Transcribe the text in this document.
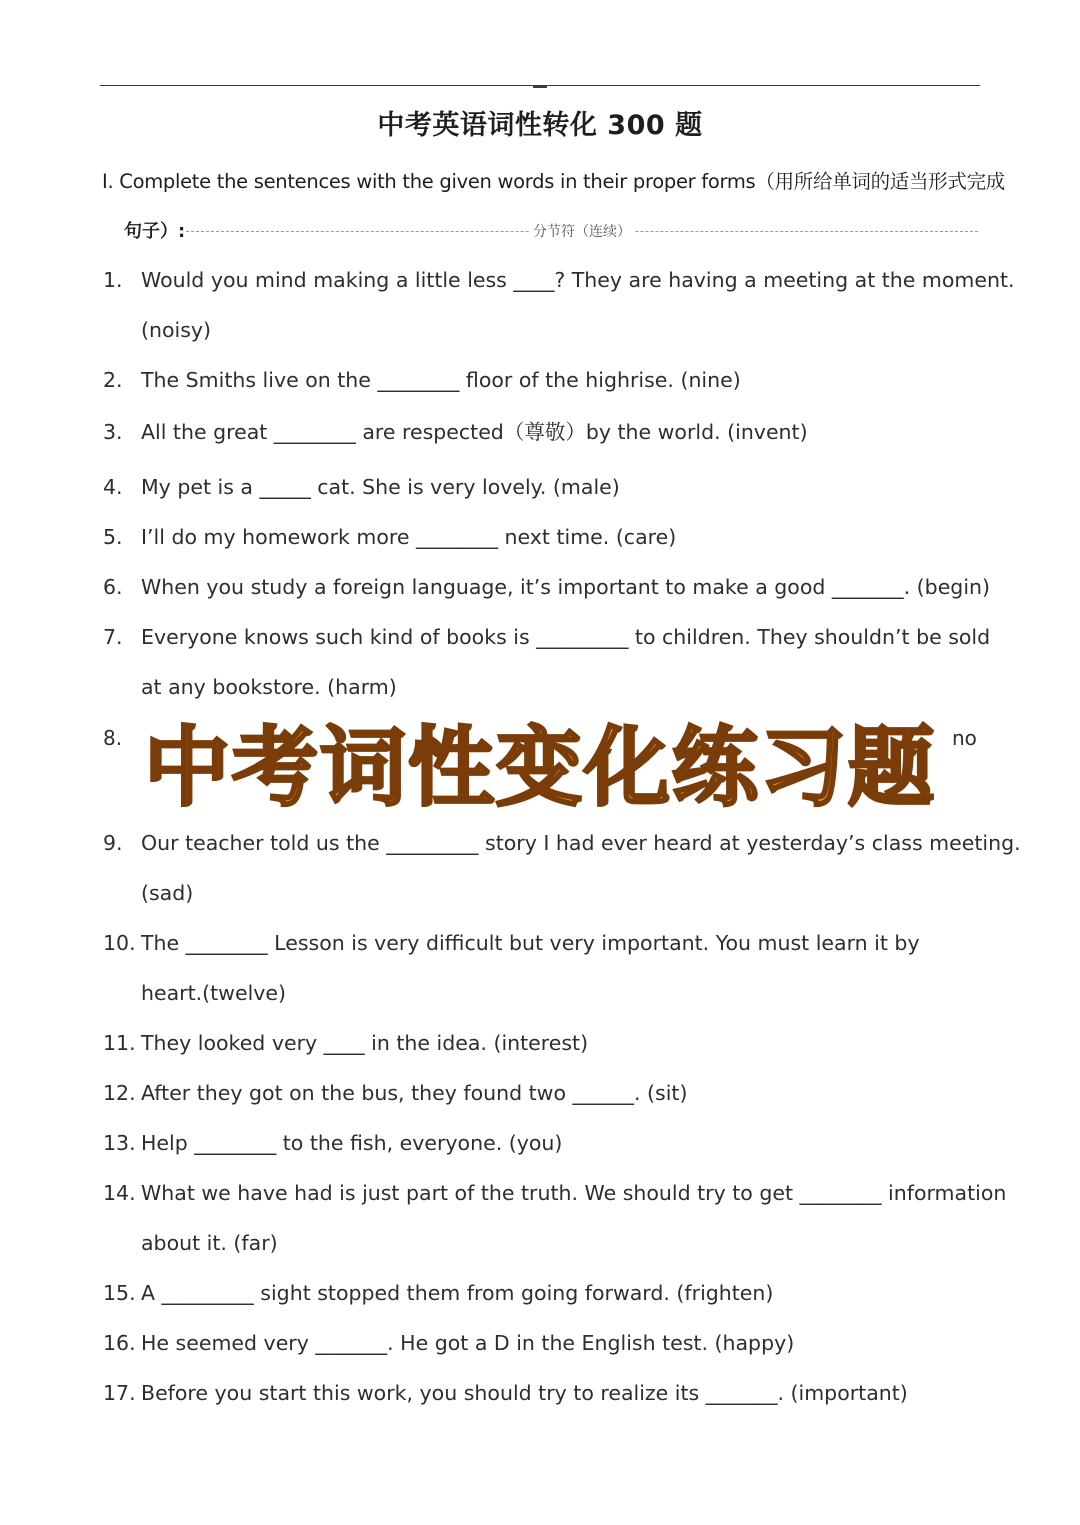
中考英语词性转化 300 题
I. Complete the sentences with the given words in their proper forms（用所给单词的适当形式完成
句子）:	分节符（连续）
1. Would you mind making a little less ____? They are having a meeting at the moment.
(noisy)
2. The Smiths live on the ________ floor of the highrise. (nine)
3. All the great ________ are respected（尊敬）by the world. (invent)
4. My pet is a _____ cat. She is very lovely. (male)
5. I’ll do my homework more ________ next time. (care)
6. When you study a foreign language, it’s important to make a good _______. (begin)
7. Everyone knows such kind of books is _________ to children. They shouldn’t be sold
at any bookstore. (harm)
8.	no
9. Our teacher told us the _________ story I had ever heard at yesterday’s class meeting.
(sad)
10. The ________ Lesson is very difficult but very important. You must learn it by
heart.(twelve)
11. They looked very ____ in the idea. (interest)
12. After they got on the bus, they found two ______. (sit)
13. Help ________ to the fish, everyone. (you)
14. What we have had is just part of the truth. We should try to get ________ information
about it. (far)
15. A _________ sight stopped them from going forward. (frighten)
16. He seemed very _______. He got a D in the English test. (happy)
17. Before you start this work, you should try to realize its _______. (important)
中考词性变化练习题
